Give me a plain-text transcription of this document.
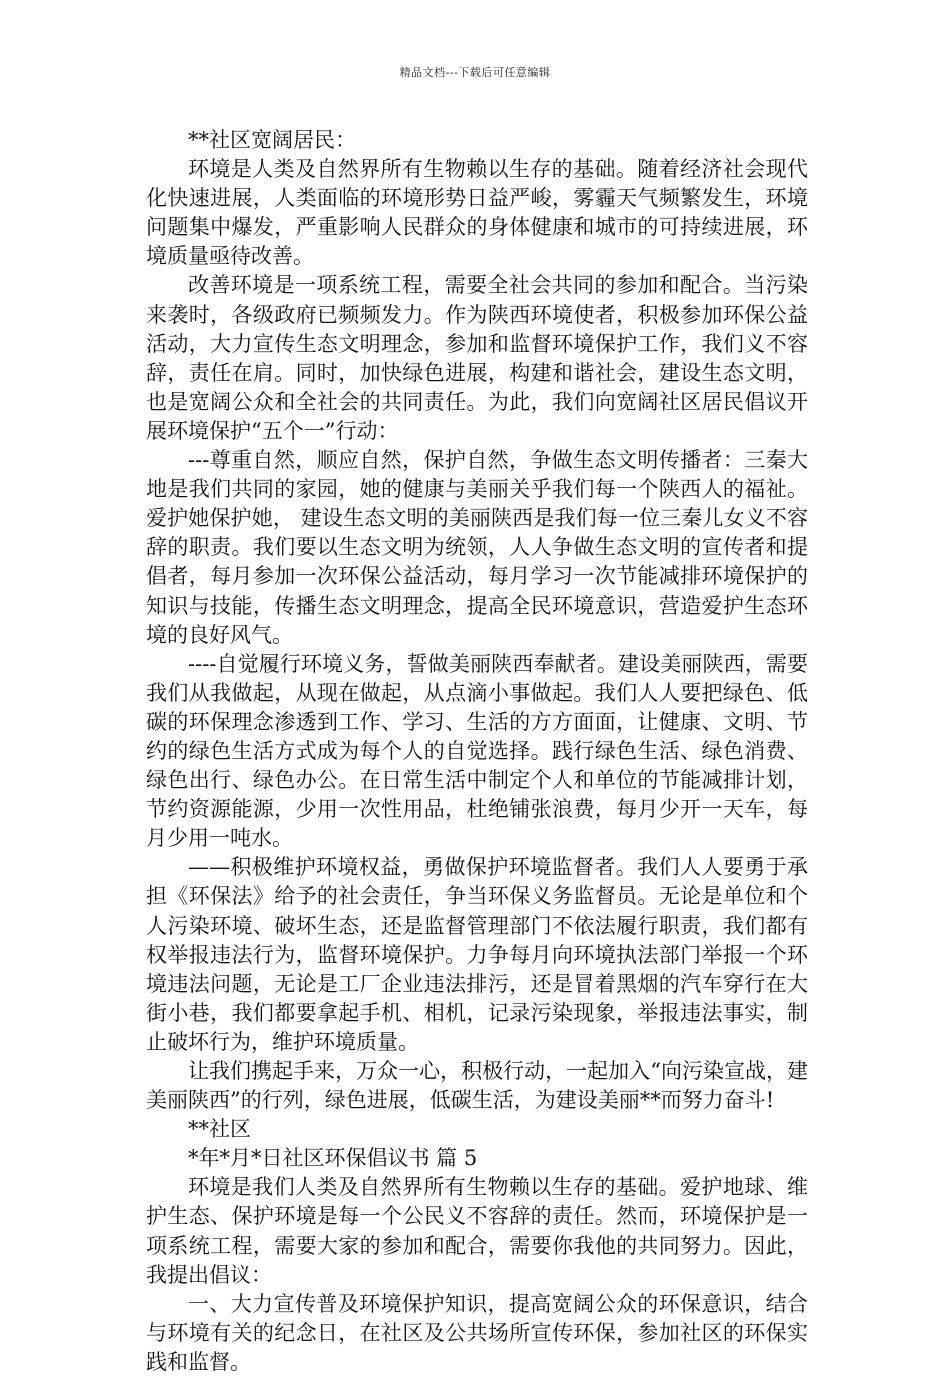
精品文档---下载后可任意编辑

**社区宽阔居民：

环境是人类及自然界所有生物赖以生存的基础。随着经济社会现代化快速进展，人类面临的环境形势日益严峻，雾霾天气频繁发生，环境问题集中爆发，严重影响人民群众的身体健康和城市的可持续进展，环境质量亟待改善。

改善环境是一项系统工程，需要全社会共同的参加和配合。当污染来袭时，各级政府已频频发力。作为陕西环境使者，积极参加环保公益活动，大力宣传生态文明理念，参加和监督环境保护工作，我们义不容辞，责任在肩。同时，加快绿色进展，构建和谐社会，建设生态文明，也是宽阔公众和全社会的共同责任。为此，我们向宽阔社区居民倡议开展环境保护“五个一”行动：

---尊重自然，顺应自然，保护自然，争做生态文明传播者：三秦大地是我们共同的家园，她的健康与美丽关乎我们每一个陕西人的福祉。爱护她保护她， 建设生态文明的美丽陕西是我们每一位三秦儿女义不容辞的职责。我们要以生态文明为统领，人人争做生态文明的宣传者和提倡者，每月参加一次环保公益活动，每月学习一次节能减排环境保护的知识与技能，传播生态文明理念，提高全民环境意识，营造爱护生态环境的良好风气。

----自觉履行环境义务，誓做美丽陕西奉献者。建设美丽陕西，需要我们从我做起，从现在做起，从点滴小事做起。我们人人要把绿色、低碳的环保理念渗透到工作、学习、生活的方方面面，让健康、文明、节约的绿色生活方式成为每个人的自觉选择。践行绿色生活、绿色消费、绿色出行、绿色办公。在日常生活中制定个人和单位的节能减排计划，节约资源能源，少用一次性用品，杜绝铺张浪费，每月少开一天车，每月少用一吨水。

——积极维护环境权益，勇做保护环境监督者。我们人人要勇于承担《环保法》给予的社会责任，争当环保义务监督员。无论是单位和个人污染环境、破坏生态，还是监督管理部门不依法履行职责，我们都有权举报违法行为，监督环境保护。力争每月向环境执法部门举报一个环境违法问题，无论是工厂企业违法排污，还是冒着黑烟的汽车穿行在大街小巷，我们都要拿起手机、相机，记录污染现象，举报违法事实，制止破坏行为，维护环境质量。

让我们携起手来，万众一心，积极行动，一起加入“向污染宣战，建美丽陕西”的行列，绿色进展，低碳生活，为建设美丽**而努力奋斗!

**社区

*年*月*日社区环保倡议书 篇 5

环境是我们人类及自然界所有生物赖以生存的基础。爱护地球、维护生态、保护环境是每一个公民义不容辞的责任。然而，环境保护是一项系统工程，需要大家的参加和配合，需要你我他的共同努力。因此，我提出倡议：

一、大力宣传普及环境保护知识，提高宽阔公众的环保意识，结合与环境有关的纪念日，在社区及公共场所宣传环保，参加社区的环保实践和监督。
